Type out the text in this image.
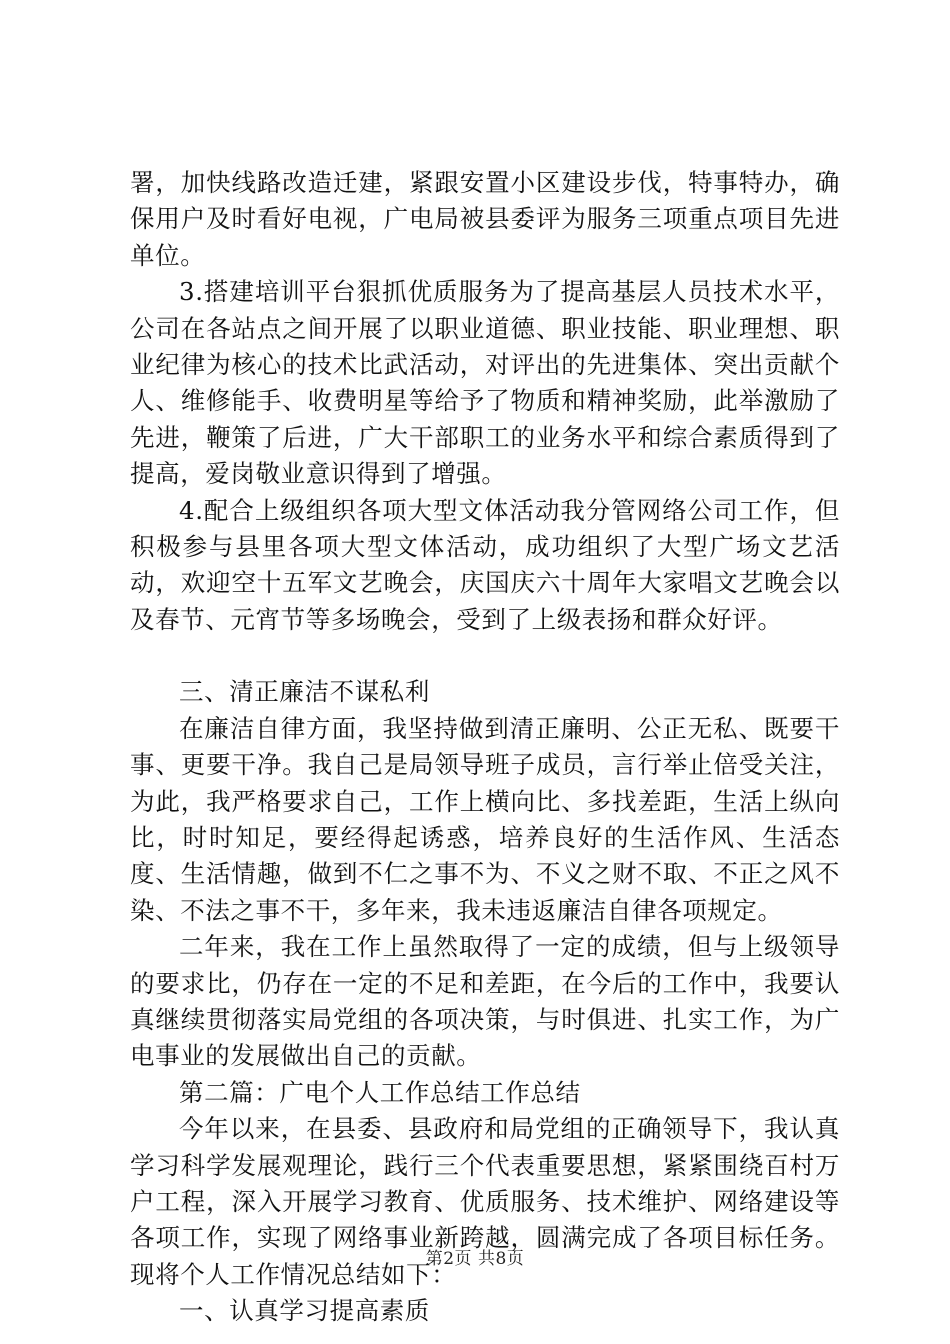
署，加快线路改造迁建，紧跟安置小区建设步伐，特事特办，确保用户及时看好电视，广电局被县委评为服务三项重点项目先进单位。

3.搭建培训平台狠抓优质服务为了提高基层人员技术水平，公司在各站点之间开展了以职业道德、职业技能、职业理想、职业纪律为核心的技术比武活动，对评出的先进集体、突出贡献个人、维修能手、收费明星等给予了物质和精神奖励，此举激励了先进，鞭策了后进，广大干部职工的业务水平和综合素质得到了提高，爱岗敬业意识得到了增强。

4.配合上级组织各项大型文体活动我分管网络公司工作，但积极参与县里各项大型文体活动，成功组织了大型广场文艺活动，欢迎空十五军文艺晚会，庆国庆六十周年大家唱文艺晚会以及春节、元宵节等多场晚会，受到了上级表扬和群众好评。

三、清正廉洁不谋私利

在廉洁自律方面，我坚持做到清正廉明、公正无私、既要干事、更要干净。我自己是局领导班子成员，言行举止倍受关注，为此，我严格要求自己，工作上横向比、多找差距，生活上纵向比，时时知足，要经得起诱惑，培养良好的生活作风、生活态度、生活情趣，做到不仁之事不为、不义之财不取、不正之风不染、不法之事不干，多年来，我未违返廉洁自律各项规定。

二年来，我在工作上虽然取得了一定的成绩，但与上级领导的要求比，仍存在一定的不足和差距，在今后的工作中，我要认真继续贯彻落实局党组的各项决策，与时俱进、扎实工作，为广电事业的发展做出自己的贡献。

第二篇：广电个人工作总结工作总结

今年以来，在县委、县政府和局党组的正确领导下，我认真学习科学发展观理论，践行三个代表重要思想，紧紧围绕百村万户工程，深入开展学习教育、优质服务、技术维护、网络建设等各项工作，实现了网络事业新跨越，圆满完成了各项目标任务。现将个人工作情况总结如下：

一、认真学习提高素质

第2页 共8页
